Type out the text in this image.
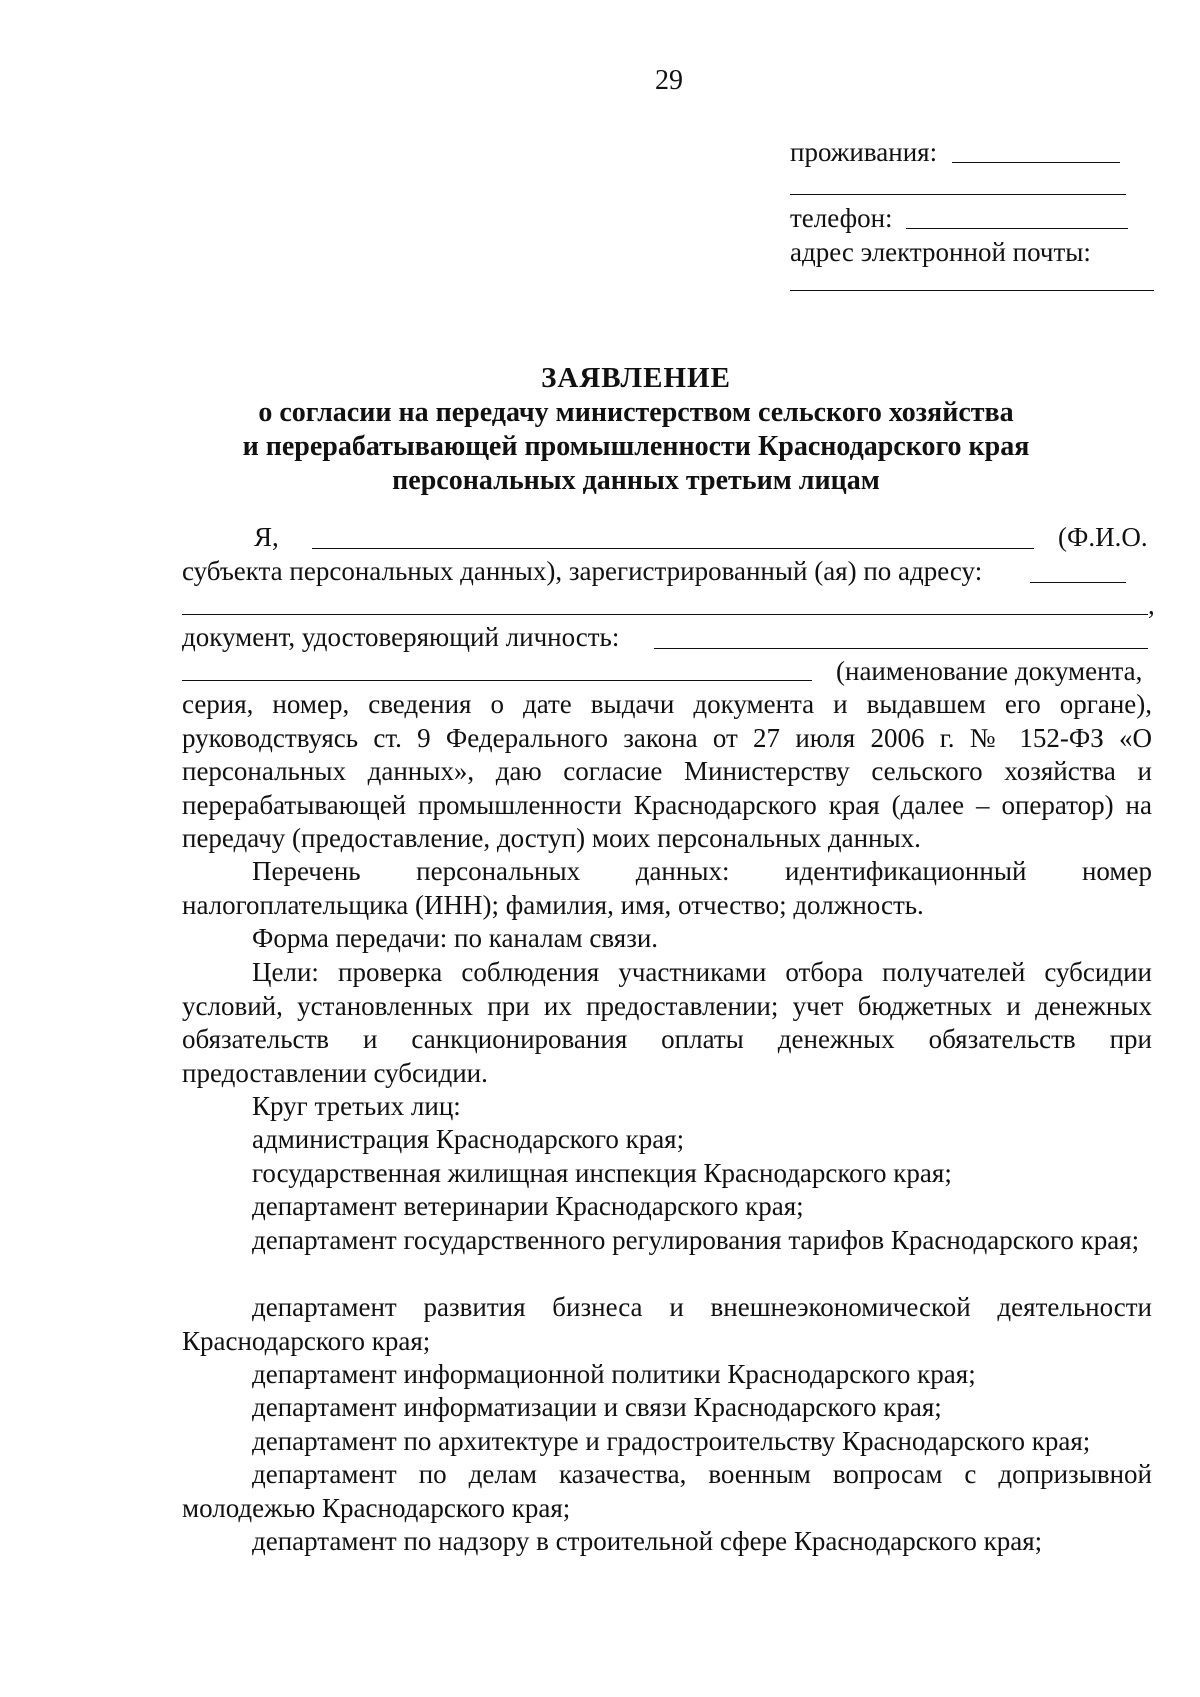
29
проживания:
телефон:
адрес электронной почты:
ЗАЯВЛЕНИЕ
о согласии на передачу министерством сельского хозяйства
и перерабатывающей промышленности Краснодарского края
персональных данных третьим лицам
Я,	(Ф.И.О.
субъекта персональных данных), зарегистрированный (ая) по адресу:
,
документ, удостоверяющий личность:
(наименование документа,
серия, номер, сведения о дате выдачи документа и выдавшем его органе), руководствуясь ст. 9 Федерального закона от 27 июля 2006 г. № 152-ФЗ «О персональных данных», даю согласие Министерству сельского хозяйства и перерабатывающей промышленности Краснодарского края (далее – оператор) на передачу (предоставление, доступ) моих персональных данных.
Перечень персональных данных: идентификационный номер налогоплательщика (ИНН); фамилия, имя, отчество; должность.
Форма передачи: по каналам связи.
Цели: проверка соблюдения участниками отбора получателей субсидии условий, установленных при их предоставлении; учет бюджетных и денежных обязательств и санкционирования оплаты денежных обязательств при предоставлении субсидии.
Круг третьих лиц:
администрация Краснодарского края;
государственная жилищная инспекция Краснодарского края;
департамент ветеринарии Краснодарского края;
департамент государственного регулирования тарифов Краснодарского края;
департамент развития бизнеса и внешнеэкономической деятельности Краснодарского края;
департамент информационной политики Краснодарского края;
департамент информатизации и связи Краснодарского края;
департамент по архитектуре и градостроительству Краснодарского края;
департамент по делам казачества, военным вопросам с допризывной молодежью Краснодарского края;
департамент по надзору в строительной сфере Краснодарского края;
